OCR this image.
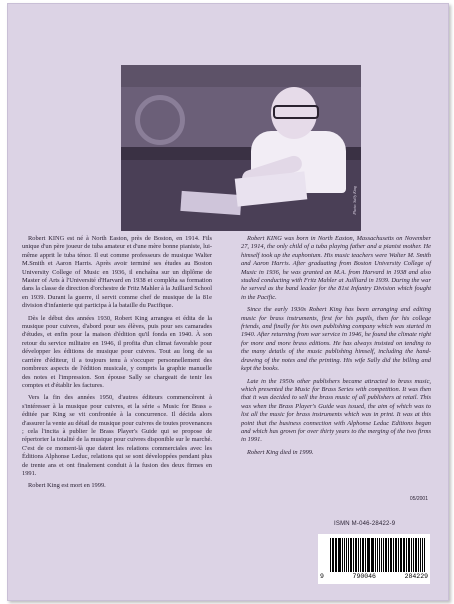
Photo: Sally King

Robert KING est né à North Easton, près de Boston, en 1914. Fils unique d'un père joueur de tuba amateur et d'une mère bonne pianiste, lui-même apprit le tuba ténor. Il eut comme professeurs de musique Walter M.Smith et Aaron Harris. Après avoir terminé ses études au Boston University College of Music en 1936, il enchaîna sur un diplôme de Master of Arts à l'Université d'Harvard en 1938 et compléta sa formation dans la classe de direction d'orchestre de Fritz Mahler à la Juilliard School en 1939. Durant la guerre, il servit comme chef de musique de la 81e division d'infanterie qui participa à la bataille du Pacifique.

Dès le début des années 1930, Robert King arrangea et édita de la musique pour cuivres, d'abord pour ses élèves, puis pour ses camarades d'études, et enfin pour la maison d'édition qu'il fonda en 1940. À son retour du service militaire en 1946, il profita d'un climat favorable pour développer les éditions de musique pour cuivres. Tout au long de sa carrière d'éditeur, il a toujours tenu à s'occuper personnellement des nombreux aspects de l'édition musicale, y compris la graphie manuelle des notes et l'impression. Son épouse Sally se chargeait de tenir les comptes et d'établir les factures.

Vers la fin des années 1950, d'autres éditeurs commencèrent à s'intéresser à la musique pour cuivres, et la série « Music for Brass » éditée par King se vit confrontée à la concurrence. Il décida alors d'assurer la vente au détail de musique pour cuivres de toutes provenances ; cela l'incita à publier le Brass Player's Guide qui se propose de répertorier la totalité de la musique pour cuivres disponible sur le marché. C'est de ce moment-là que datent les relations commerciales avec les Éditions Alphonse Leduc, relations qui se sont développées pendant plus de trente ans et ont finalement conduit à la fusion des deux firmes en 1991.

Robert King est mort en 1999.

Robert KING was born in North Easton, Massachusetts on November 27, 1914, the only child of a tuba playing father and a pianist mother. He himself took up the euphonium. His music teachers were Walter M. Smith and Aaron Harris. After graduating from Boston University College of Music in 1936, he was granted an M.A. from Harvard in 1938 and also studied conducting with Fritz Mahler at Juilliard in 1939. During the war he served as the band leader for the 81st Infantry Division which fought in the Pacific.

Since the early 1930s Robert King has been arranging and editing music for brass instruments, first for his pupils, then for his college friends, and finally for his own publishing company which was started in 1940. After returning from war service in 1946, he found the climate right for more and more brass editions. He has always insisted on tending to the many details of the music publishing himself, including the hand-drawing of the notes and the printing. His wife Sally did the billing and kept the books.

Late in the 1950s other publishers became attracted to brass music, which presented the Music for Brass Series with competition. It was then that it was decided to sell the brass music of all publishers at retail. This was when the Brass Player's Guide was issued, the aim of which was to list all the music for brass instruments which was in print. It was at this point that the business connection with Alphonse Leduc Editions began and which has grown for over thirty years to the merging of the two firms in 1991.

Robert King died in 1999.

05/2001
ISMN M-046-28422-9
9	790046	284229
